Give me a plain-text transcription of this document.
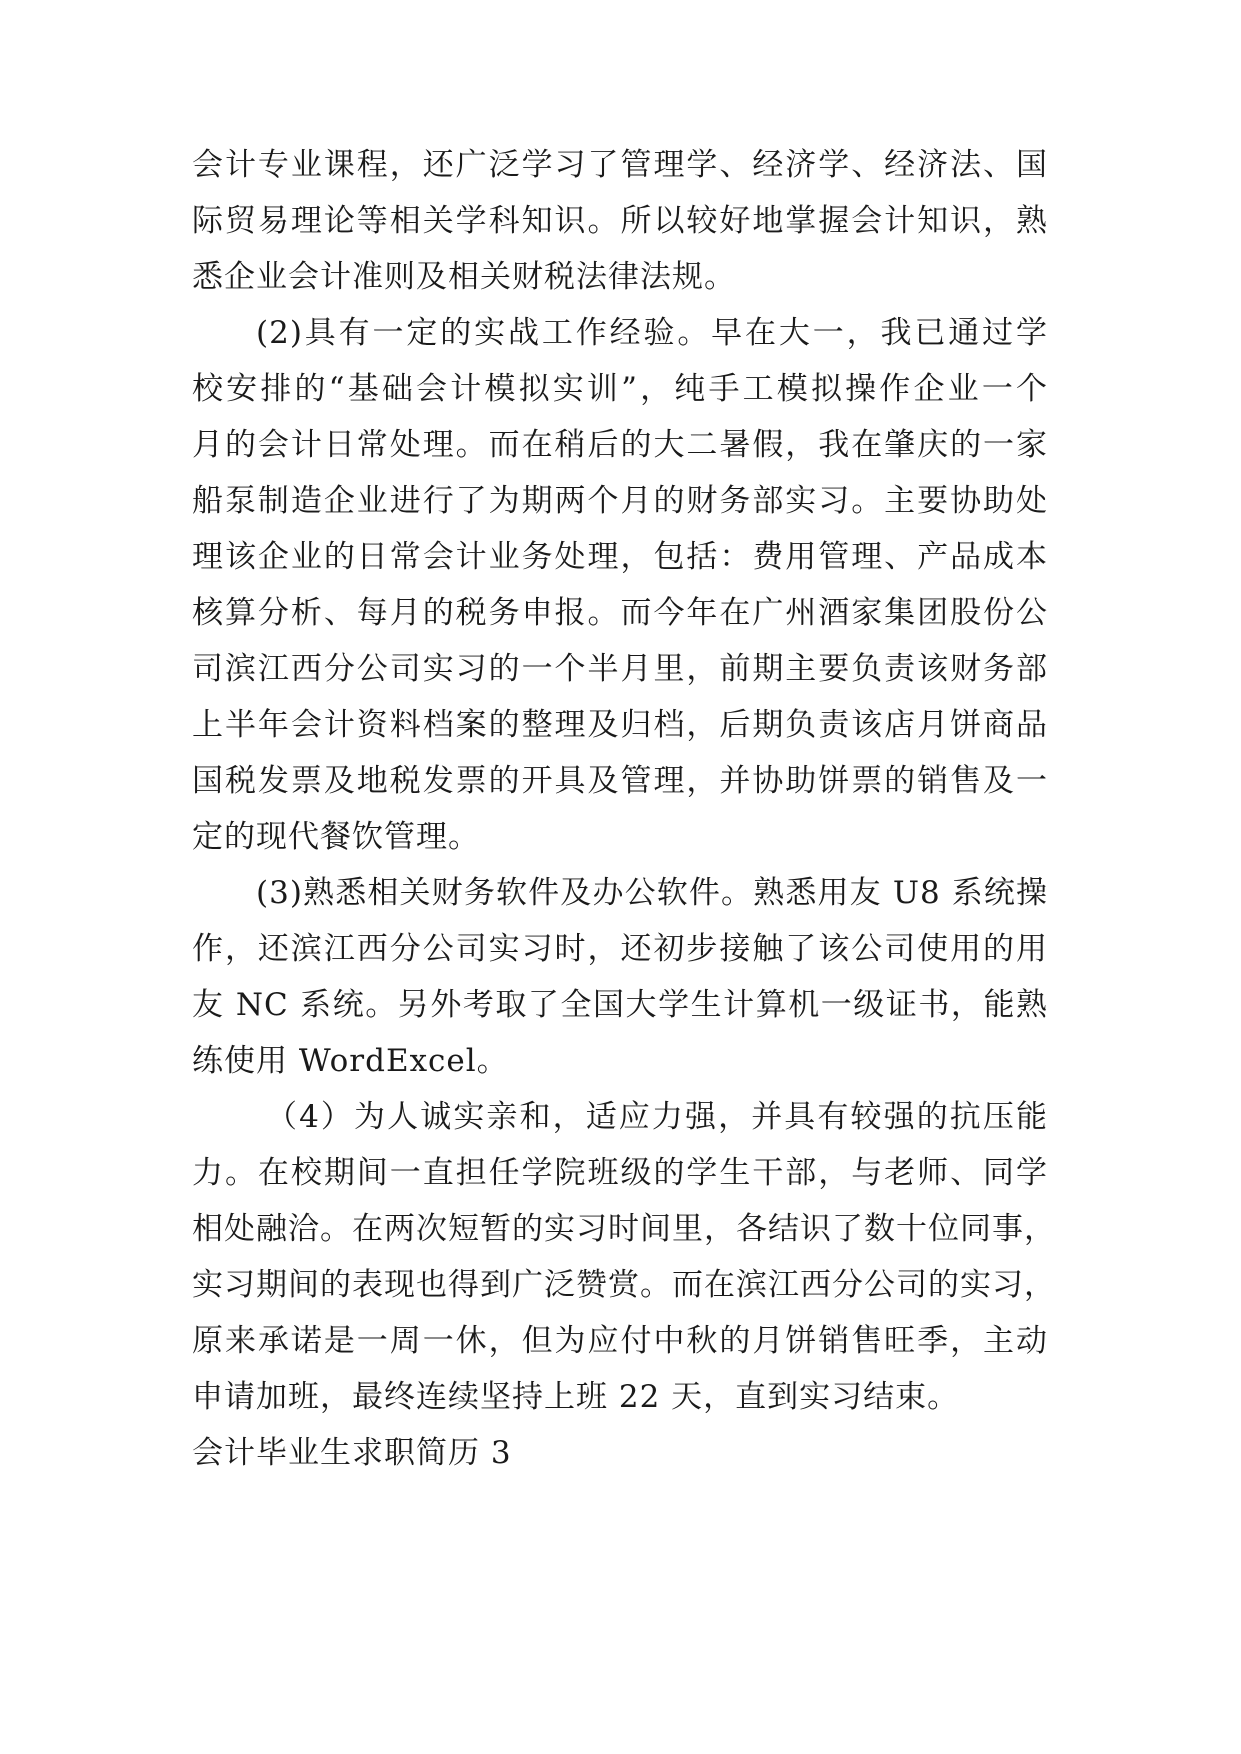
会计专业课程，还广泛学习了管理学、经济学、经济法、国
际贸易理论等相关学科知识。所以较好地掌握会计知识，熟
悉企业会计准则及相关财税法律法规。
(2)具有一定的实战工作经验。早在大一，我已通过学
校安排的“基础会计模拟实训”，纯手工模拟操作企业一个
月的会计日常处理。而在稍后的大二暑假，我在肇庆的一家
船泵制造企业进行了为期两个月的财务部实习。主要协助处
理该企业的日常会计业务处理，包括：费用管理、产品成本
核算分析、每月的税务申报。而今年在广州酒家集团股份公
司滨江西分公司实习的一个半月里，前期主要负责该财务部
上半年会计资料档案的整理及归档，后期负责该店月饼商品
国税发票及地税发票的开具及管理，并协助饼票的销售及一
定的现代餐饮管理。
(3)熟悉相关财务软件及办公软件。熟悉用友 U8 系统操
作，还滨江西分公司实习时，还初步接触了该公司使用的用
友 NC 系统。另外考取了全国大学生计算机一级证书，能熟
练使用 WordExcel。
（4）为人诚实亲和，适应力强，并具有较强的抗压能
力。在校期间一直担任学院班级的学生干部，与老师、同学
相处融洽。在两次短暂的实习时间里，各结识了数十位同事，
实习期间的表现也得到广泛赞赏。而在滨江西分公司的实习，
原来承诺是一周一休，但为应付中秋的月饼销售旺季，主动
申请加班，最终连续坚持上班 22 天，直到实习结束。
会计毕业生求职简历 3
